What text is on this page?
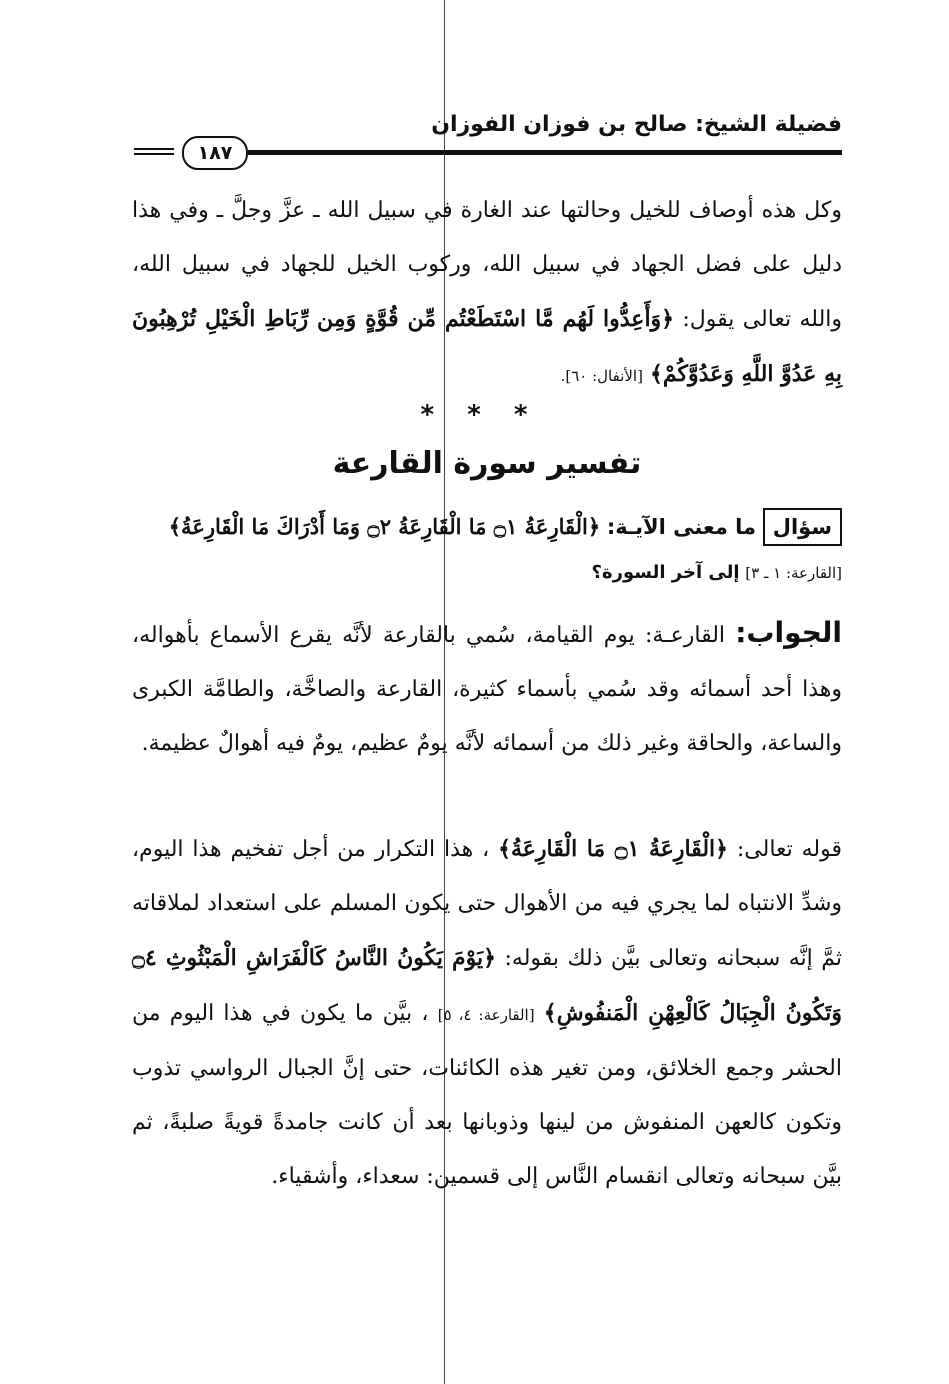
فضيلة الشيخ: صالح بن فوزان الفوزان
١٨٧
وكل هذه أوصاف للخيل وحالتها عند الغارة في سبيل الله ـ عزَّ وجلَّ ـ وفي هذا دليل على فضل الجهاد في سبيل الله، وركوب الخيل للجهاد في سبيل الله، والله تعالى يقول: ﴿وَأَعِدُّوا لَهُم مَّا اسْتَطَعْتُم مِّن قُوَّةٍ وَمِن رِّبَاطِ الْخَيْلِ تُرْهِبُونَ بِهِ عَدُوَّ اللَّهِ وَعَدُوَّكُمْ﴾ [الأنفال: ٦٠].
* * *
تفسير سورة القارعة
سؤال ما معنى الآيـة: ﴿الْقَارِعَةُ ۝١ مَا الْقَارِعَةُ ۝٢ وَمَا أَدْرَاكَ مَا الْقَارِعَةُ﴾
[القارعة: ١ ـ ٣] إلى آخر السورة؟
الجواب: القارعـة: يوم القيامة، سُمي بالقارعة لأنَّه يقرع الأسماع بأهواله، وهذا أحد أسمائه وقد سُمي بأسماء كثيرة، القارعة والصاخَّة، والطامَّة الكبرى والساعة، والحاقة وغير ذلك من أسمائه لأنَّه يومٌ عظيم، يومٌ فيه أهوالٌ عظيمة.
قوله تعالى: ﴿الْقَارِعَةُ ۝١ مَا الْقَارِعَةُ﴾ ، هذا التكرار من أجل تفخيم هذا اليوم، وشدِّ الانتباه لما يجري فيه من الأهوال حتى يكون المسلم على استعداد لملاقاته ثمَّ إنَّه سبحانه وتعالى بيَّن ذلك بقوله: ﴿يَوْمَ يَكُونُ النَّاسُ كَالْفَرَاشِ الْمَبْثُوثِ ۝٤ وَتَكُونُ الْجِبَالُ كَالْعِهْنِ الْمَنفُوشِ﴾ [القارعة: ٤، ٥] ، بيَّن ما يكون في هذا اليوم من الحشر وجمع الخلائق، ومن تغير هذه الكائنات، حتى إنَّ الجبال الرواسي تذوب وتكون كالعهن المنفوش من لينها وذوبانها بعد أن كانت جامدةً قويةً صلبةً، ثم بيَّن سبحانه وتعالى انقسام النَّاس إلى قسمين: سعداء، وأشقياء.
